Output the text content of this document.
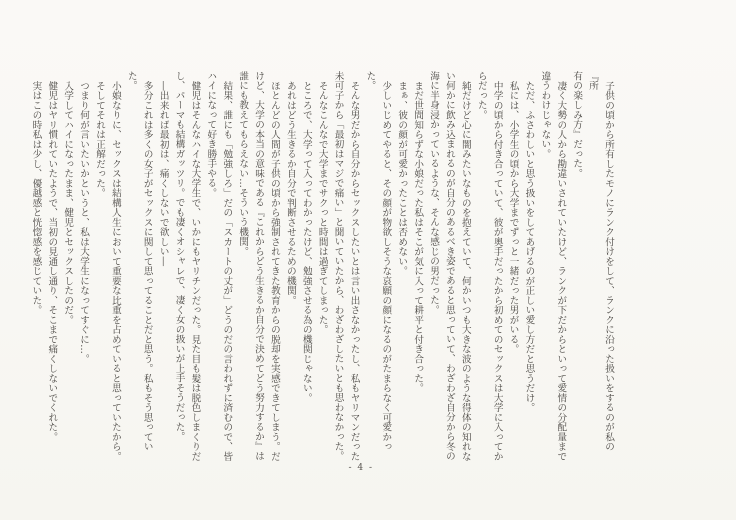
子供の頃から所有したモノにランク付けをして、ランクに沿った扱いをするのが私の『所

有の楽しみ方』だった。

凄く大勢の人から勘違いされていたけど、ランクが下だからといって愛情の分配量まで

違うわけじゃない。

ただ、ふさわしいと思う扱いをしてあげるのが正しい愛し方だと思うだけ。

私には、小学生の頃から大学までずっと一緒だった男がいる。

中学の頃から付き合っていて、彼が奥手だったから初めてのセックスは大学に入ってか

らだった。

純だけど心に闇みたいなものを抱えていて、何かいつも大きな波のような得体の知れな

い何かに飲み込まれるのが自分のあるべき姿であると思っていて、わざわざ自分から冬の

海に半身浸かっているような、そんな感じの男だった。

まだ世間知らずな小娘だった私はそこが気に入って耕平と付き合った。

まぁ、彼の顔が可愛かったことは否めない。

少しいじめてやると、その顔が物欲しそうな哀願の顔になるのがたまらなく可愛かった。

そんな男だから自分からセックスしたいとは言い出さなかったし、私もヤリマンだった

未可子から「最初はマジで痛い」と聞いていたから、わざわざしたいとも思わなかった。

そんなこんなで大学までサクっと時間は過ぎてしまった。

ところで、大学って入ってわかったけど、勉強させる為の機関じゃない。

あれはどう生きるか自分で判断させるための機関。

ほとんどの人間が子供の頃から強制されてきた教育からの脱却を実感できてしまう。だ

けど、大学の本当の意味である『これからどう生きるか自分で決めてどう努力するか』は

誰にも教えてもらえない…そういう機関。

結果、誰にも「勉強しろ」だの「スカートの丈が」どうのだの言われずに済むので、皆

ハイになって好き勝手やる。

健児はそんなハイな大学生で、いかにもヤリチンだった。見た目も髪は脱色しまくりだ

し、パーマも結構ガッツリ。でも凄くオシャレで、凄く女の扱いが上手そうだった。

―出来れば最初は、痛くしないで欲しい―

多分これは多くの女子がセックスに関して思ってることだと思う。私もそう思っていた。

小娘なりに、セックスは結構人生において重要な比重を占めていると思っていたから。

そしてそれは正解だった。

つまり何が言いたいかというと、私は大学生になってすぐに…。

入学してハイになったまま、健児とセックスしたのだ。

健児はヤリ慣れていたようで、当初の見通し通り、そこまで痛くしないでくれた。

実はこの時私は少し、優越感と恍惚感を感じていた。

- 4 -
